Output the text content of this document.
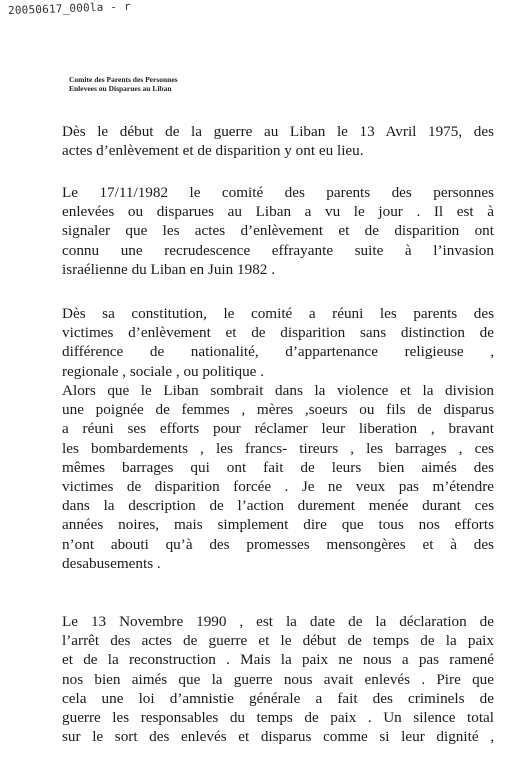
20050617_000la - r
Comite des Parents des Personnes
Enlevees ou Disparues au Liban
Dès le début de la guerre au Liban le 13 Avril 1975, des
actes d’enlèvement et de disparition y ont eu lieu.
Le 17/11/1982 le comité des parents des personnes
enlevées ou disparues au Liban a vu le jour . Il est à
signaler que les actes d’enlèvement et de disparition ont
connu une recrudescence effrayante suite à l’invasion
israélienne du Liban en Juin 1982 .
Dès sa constitution, le comité a réuni les parents des
victimes d’enlèvement et de disparition sans distinction de
différence de nationalité, d’appartenance religieuse ,
regionale , sociale , ou politique .
Alors que le Liban sombrait dans la violence et la division
une poignée de femmes , mères ,soeurs ou fils de disparus
a réuni ses efforts pour réclamer leur liberation , bravant
les bombardements , les francs- tireurs , les barrages , ces
mêmes barrages qui ont fait de leurs bien aimés des
victimes de disparition forcée . Je ne veux pas m’étendre
dans la description de l’action durement menée durant ces
années noires, mais simplement dire que tous nos efforts
n’ont abouti qu’à des promesses mensongères et à des
desabusements .
Le 13 Novembre 1990 , est la date de la déclaration de
l’arrêt des actes de guerre et le début de temps de la paix
et de la reconstruction . Mais la paix ne nous a pas ramené
nos bien aimés que la guerre nous avait enlevés . Pire que
cela une loi d’amnistie générale a fait des criminels de
guerre les responsables du temps de paix . Un silence total
sur le sort des enlevés et disparus comme si leur dignité ,
